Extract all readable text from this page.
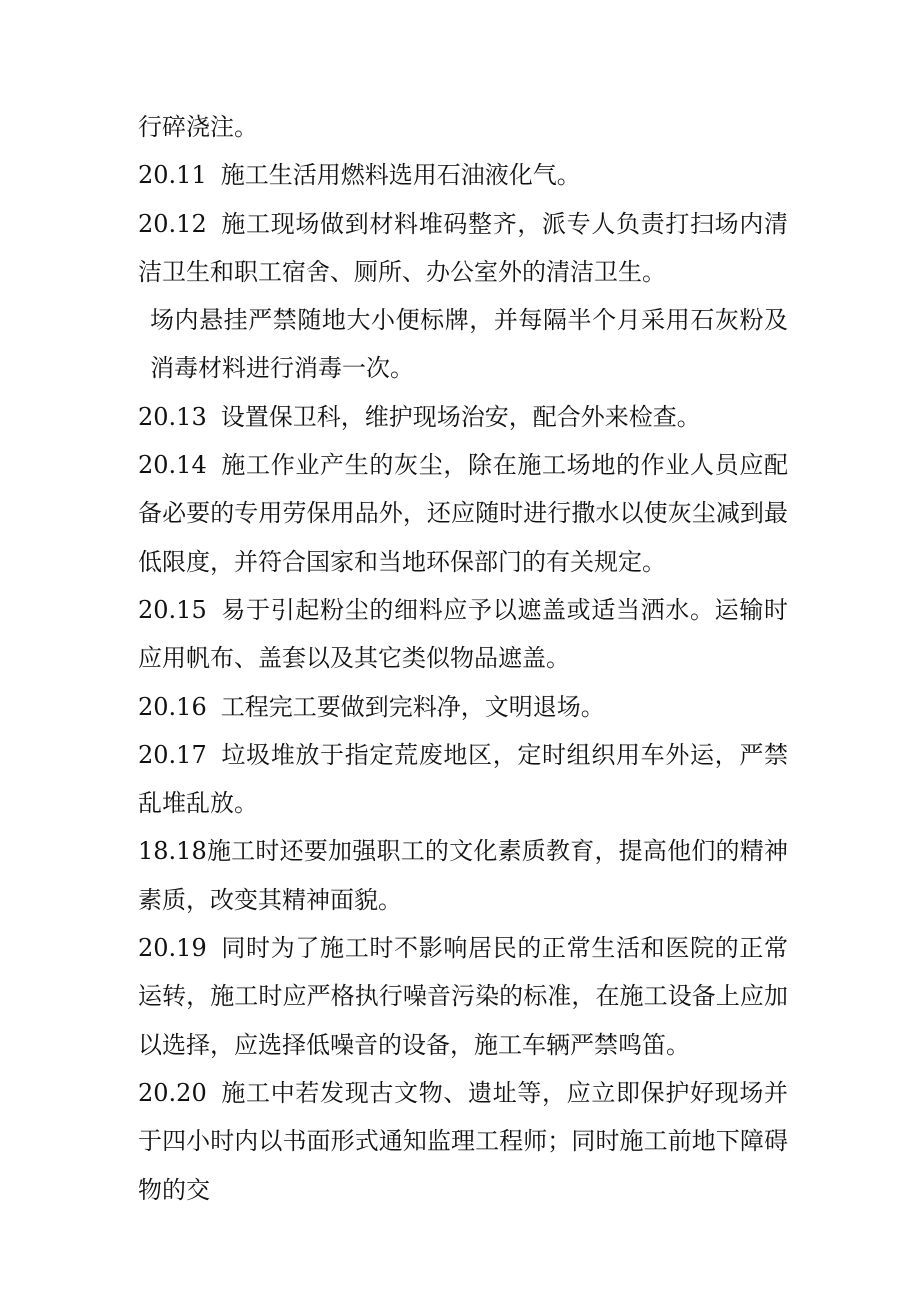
行碎浇注。

20.11 施工生活用燃料选用石油液化气。

20.12 施工现场做到材料堆码整齐，派专人负责打扫场内清洁卫生和职工宿舍、厕所、办公室外的清洁卫生。

场内悬挂严禁随地大小便标牌，并每隔半个月采用石灰粉及消毒材料进行消毒一次。

20.13 设置保卫科，维护现场治安，配合外来检查。

20.14 施工作业产生的灰尘，除在施工场地的作业人员应配备必要的专用劳保用品外，还应随时进行撒水以使灰尘减到最低限度，并符合国家和当地环保部门的有关规定。

20.15 易于引起粉尘的细料应予以遮盖或适当洒水。运输时应用帆布、盖套以及其它类似物品遮盖。

20.16 工程完工要做到完料净，文明退场。

20.17 垃圾堆放于指定荒废地区，定时组织用车外运，严禁乱堆乱放。

18.18施工时还要加强职工的文化素质教育，提高他们的精神素质，改变其精神面貌。

20.19 同时为了施工时不影响居民的正常生活和医院的正常运转，施工时应严格执行噪音污染的标准，在施工设备上应加以选择，应选择低噪音的设备，施工车辆严禁鸣笛。

20.20 施工中若发现古文物、遗址等，应立即保护好现场并于四小时内以书面形式通知监理工程师；同时施工前地下障碍物的交
